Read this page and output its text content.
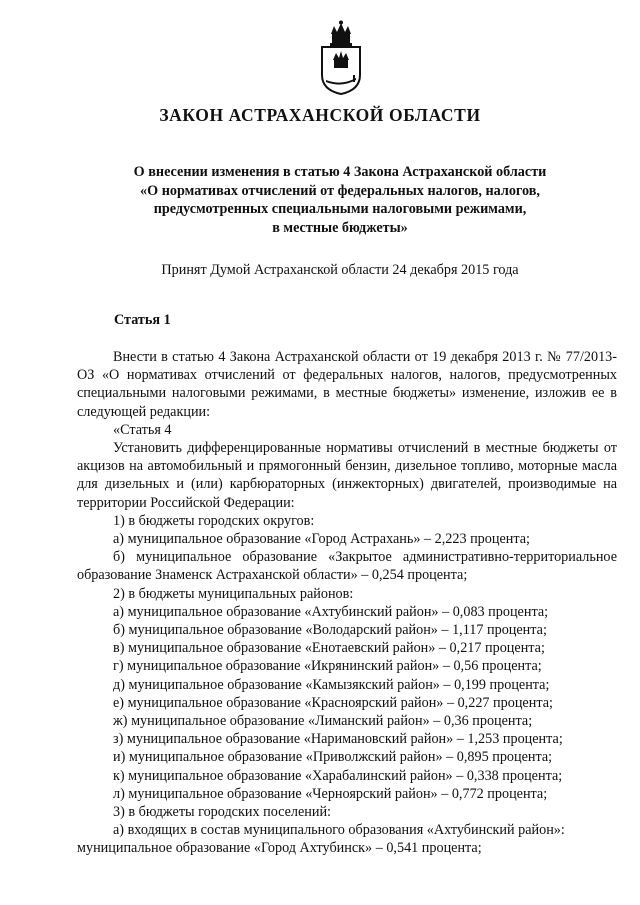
ЗАКОН АСТРАХАНСКОЙ ОБЛАСТИ
О внесении изменения в статью 4 Закона Астраханской области
«О нормативах отчислений от федеральных налогов, налогов,
предусмотренных специальными налоговыми режимами,
в местные бюджеты»
Принят Думой Астраханской области 24 декабря 2015 года
Статья 1

Внести в статью 4 Закона Астраханской области от 19 декабря 2013 г. № 77/2013-ОЗ «О нормативах отчислений от федеральных налогов, налогов, предусмотренных специальными налоговыми режимами, в местные бюджеты» изменение, изложив ее в следующей редакции:

«Статья 4

Установить дифференцированные нормативы отчислений в местные бюджеты от акцизов на автомобильный и прямогонный бензин, дизельное топливо, моторные масла для дизельных и (или) карбюраторных (инжекторных) двигателей, производимые на территории Российской Федерации:

1) в бюджеты городских округов:

а) муниципальное образование «Город Астрахань» – 2,223 процента;

б) муниципальное образование «Закрытое административно-территориальное образование Знаменск Астраханской области» – 0,254 процента;

2) в бюджеты муниципальных районов:

а) муниципальное образование «Ахтубинский район» – 0,083 процента;

б) муниципальное образование «Володарский район» – 1,117 процента;

в) муниципальное образование «Енотаевский район» – 0,217 процента;

г) муниципальное образование «Икрянинский район» – 0,56 процента;

д) муниципальное образование «Камызякский район» – 0,199 процента;

е) муниципальное образование «Красноярский район» – 0,227 процента;

ж) муниципальное образование «Лиманский район» – 0,36 процента;

з) муниципальное образование «Наримановский район» – 1,253 процента;

и) муниципальное образование «Приволжский район» – 0,895 процента;

к) муниципальное образование «Харабалинский район» – 0,338 процента;

л) муниципальное образование «Черноярский район» – 0,772 процента;

3) в бюджеты городских поселений:

а) входящих в состав муниципального образования «Ахтубинский район»:

муниципальное образование «Город Ахтубинск» – 0,541 процента;
